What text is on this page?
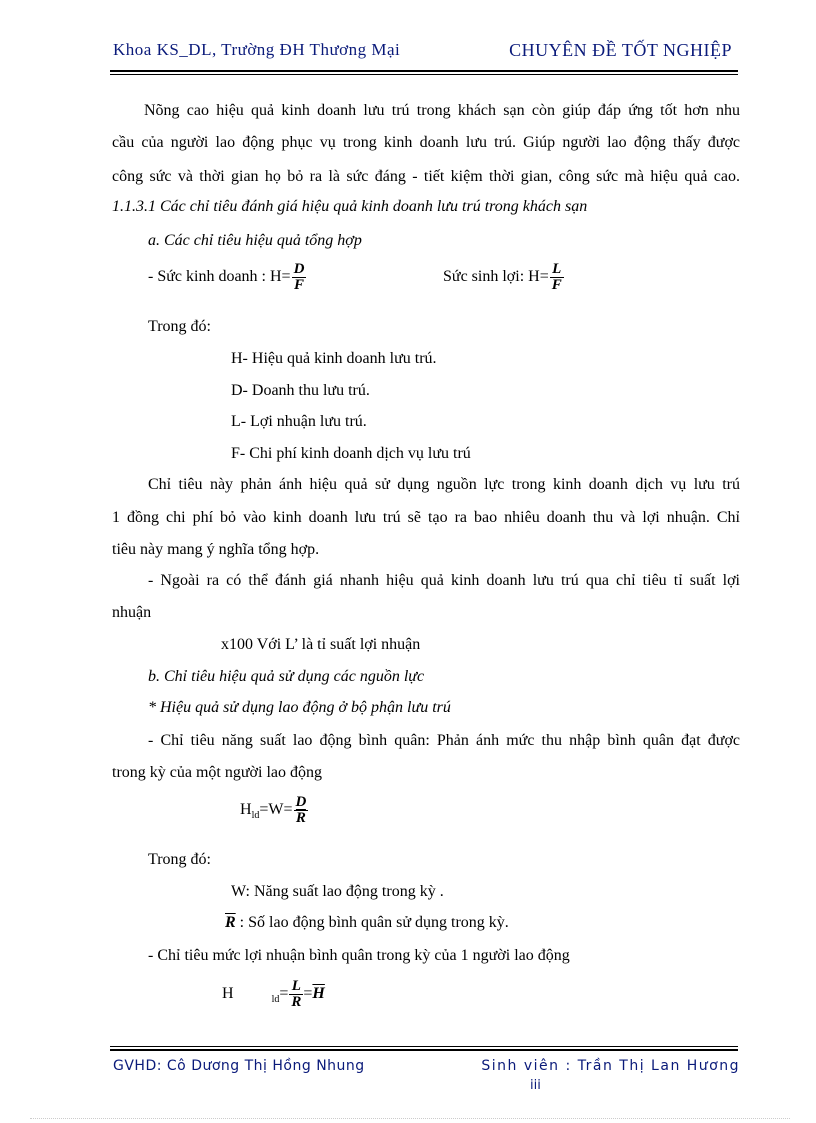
Khoa KS_DL, Trường ĐH Thương Mại	CHUYÊN ĐỀ TỐT NGHIỆP
Nõng cao hiệu quả kinh doanh lưu trú trong khách sạn còn giúp đáp ứng tốt hơn nhu
cầu của người lao động phục vụ trong kinh doanh lưu trú. Giúp người lao động thấy được
công sức và thời gian họ bỏ ra là sức đáng - tiết kiệm thời gian, công sức mà hiệu quả cao.
1.1.3.1 Các chỉ tiêu đánh giá hiệu quả kinh doanh lưu trú trong khách sạn
a. Các chỉ tiêu hiệu quả tổng hợp
- Sức kinh doanh : $H= \frac{D}{F}$	Sức sinh lợi: $H= \frac{L}{F}$
Trong đó:
H- Hiệu quả kinh doanh lưu trú.
D- Doanh thu lưu trú.
L- Lợi nhuận lưu trú.
F- Chi phí kinh doanh dịch vụ lưu trú
Chỉ tiêu này phản ánh hiệu quả sử dụng nguồn lực trong kinh doanh dịch vụ lưu trú
1 đồng chi phí bỏ vào kinh doanh lưu trú sẽ tạo ra bao nhiêu doanh thu và lợi nhuận. Chỉ
tiêu này mang ý nghĩa tổng hợp.
- Ngoài ra có thể đánh giá nhanh hiệu quả kinh doanh lưu trú qua chỉ tiêu tỉ suất lợi
nhuận
x100 Với L’ là tỉ suất lợi nhuận
b. Chỉ tiêu hiệu quả sử dụng các nguồn lực
* Hiệu quả sử dụng lao động ở bộ phận lưu trú
- Chỉ tiêu năng suất lao động bình quân: Phản ánh mức thu nhập bình quân đạt được
trong kỳ của một người lao động
$H_{ld}=W= \frac{D}{R}$
Trong đó:
W: Năng suất lao động trong kỳ .
$\overline{R}$ : Số lao động bình quân sử dụng trong kỳ.
- Chỉ tiêu mức lợi nhuận bình quân trong kỳ của 1 người lao động
H	$_{ld}= \frac{L}{R} =\overline{H}$
GVHD: Cô Dương Thị Hồng Nhung	Sinh viên : Trần Thị Lan Hương
iii
